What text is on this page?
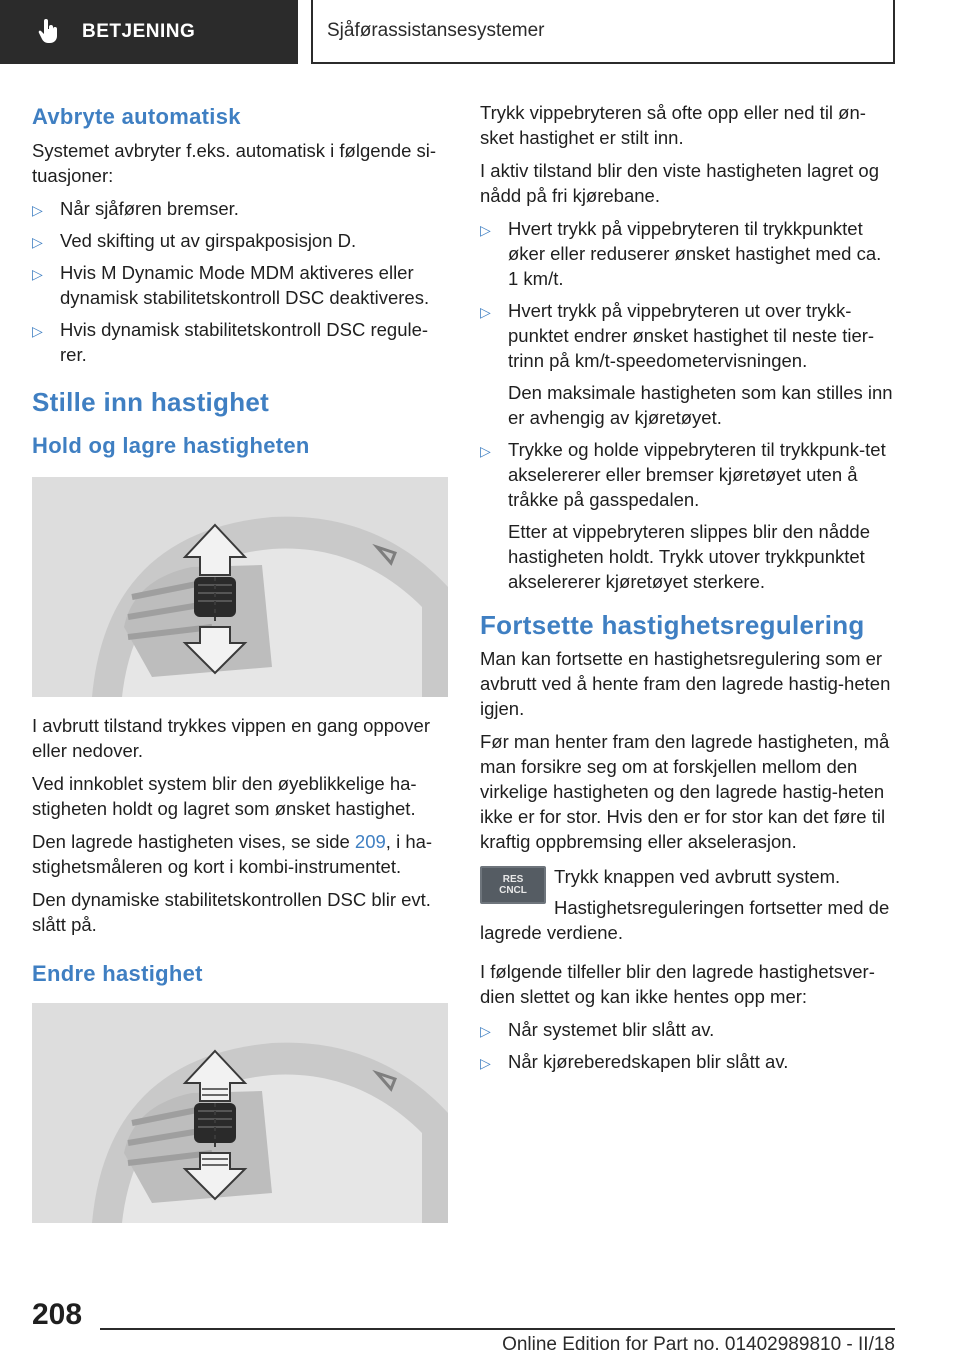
BETJENING	Sjåførassistansesystemer
Avbryte automatisk

Systemet avbryter f.eks. automatisk i følgende si-tuasjoner:

▷ Når sjåføren bremser.
▷ Ved skifting ut av girspakposisjon D.
▷ Hvis M Dynamic Mode MDM aktiveres eller dynamisk stabilitetskontroll DSC deaktiveres.
▷ Hvis dynamisk stabilitetskontroll DSC regule-rer.
Stille inn hastighet
Hold og lagre hastigheten

I avbrutt tilstand trykkes vippen en gang oppover eller nedover.

Ved innkoblet system blir den øyeblikkelige ha-stigheten holdt og lagret som ønsket hastighet.

Den lagrede hastigheten vises, se side 209, i ha-stighetsmåleren og kort i kombi-instrumentet.

Den dynamiske stabilitetskontrollen DSC blir evt. slått på.

Endre hastighet

Trykk vippebryteren så ofte opp eller ned til øn-sket hastighet er stilt inn.

I aktiv tilstand blir den viste hastigheten lagret og nådd på fri kjørebane.

▷ Hvert trykk på vippebryteren til trykkpunktet øker eller reduserer ønsket hastighet med ca. 1 km/t.
▷ Hvert trykk på vippebryteren ut over trykk-punktet endrer ønsket hastighet til neste tier-trinn på km/t-speedometervisningen.
Den maksimale hastigheten som kan stilles inn er avhengig av kjøretøyet.
▷ Trykke og holde vippebryteren til trykkpunk-tet akselererer eller bremser kjøretøyet uten å tråkke på gasspedalen.
Etter at vippebryteren slippes blir den nådde hastigheten holdt. Trykk utover trykkpunktet akselererer kjøretøyet sterkere.
Fortsette hastighetsregulering

Man kan fortsette en hastighetsregulering som er avbrutt ved å hente fram den lagrede hastig-heten igjen.

Før man henter fram den lagrede hastigheten, må man forsikre seg om at forskjellen mellom den virkelige hastigheten og den lagrede hastig-heten ikke er for stor. Hvis den er for stor kan det føre til kraftig oppbremsing eller akselerasjon.

RES
CNCL

Trykk knappen ved avbrutt system.

Hastighetsreguleringen fortsetter med de lagrede verdiene.

I følgende tilfeller blir den lagrede hastighetsver-dien slettet og kan ikke hentes opp mer:

▷ Når systemet blir slått av.
▷ Når kjøreberedskapen blir slått av.
208
Online Edition for Part no. 01402989810 - II/18
